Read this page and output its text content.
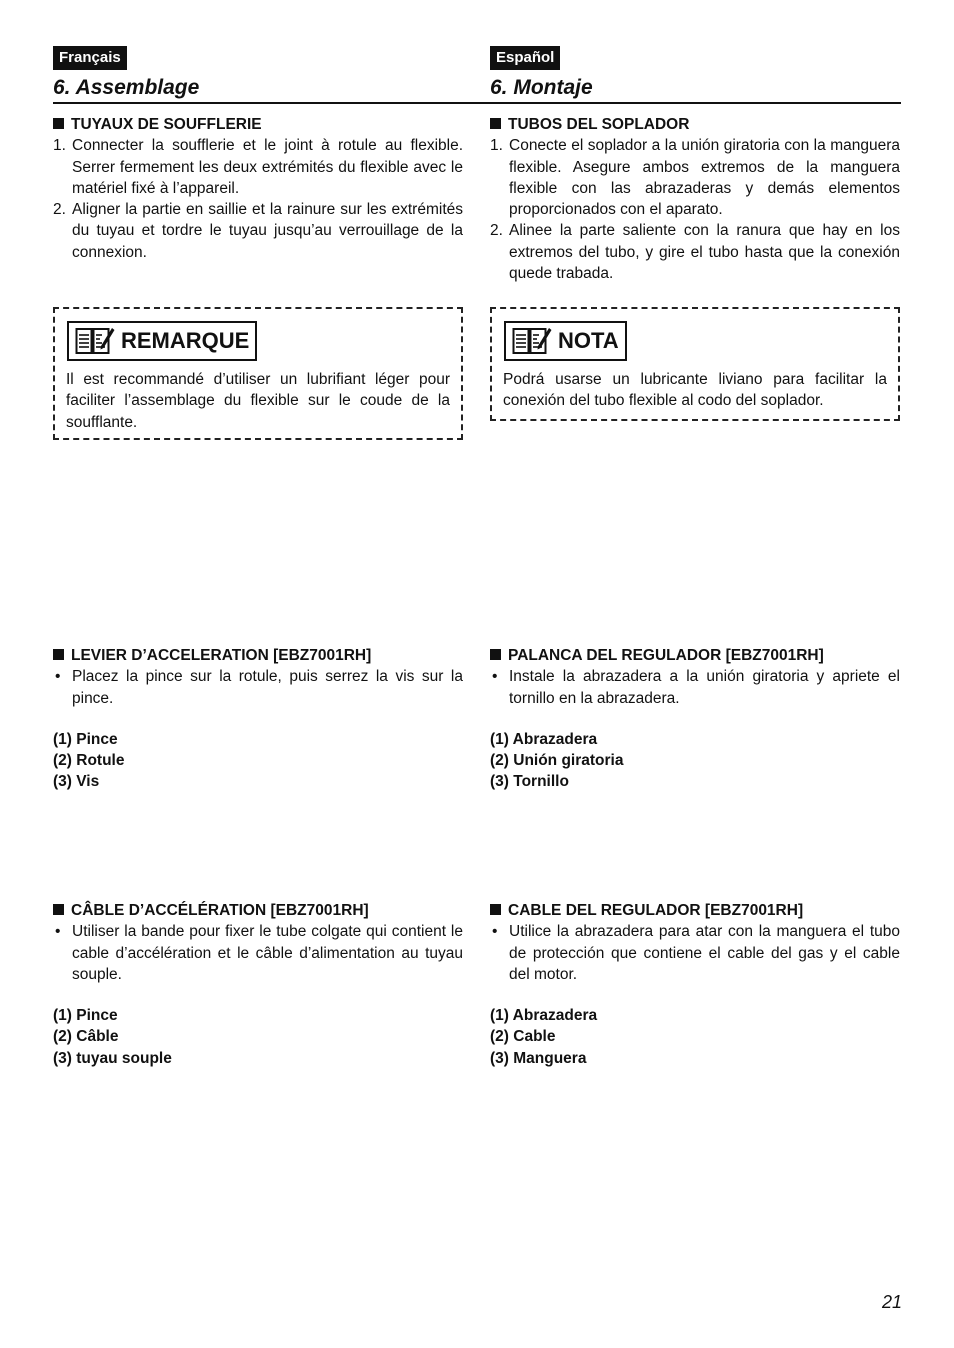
Français
6. Assemblage
TUYAUX DE SOUFFLERIE
1. Connecter la soufflerie et le joint à rotule au flexible. Serrer fermement les deux extrémités du flexible avec le matériel fixé à l’appareil.
2. Aligner la partie en saillie et la rainure sur les extrémités du tuyau et tordre le tuyau jusqu’au verrouillage de la connexion.
REMARQUE
Il est recommandé d’utiliser un lubrifiant léger pour faciliter l’assemblage du flexible sur le coude de la soufflante.
LEVIER D’ACCELERATION [EBZ7001RH]
• Placez la pince sur la rotule, puis serrez la vis sur la pince.
(1) Pince
(2) Rotule
(3) Vis
CÂBLE D’ACCÉLÉRATION [EBZ7001RH]
• Utiliser la bande pour fixer le tube colgate qui contient le cable d’accélération et le câble d’alimentation au tuyau souple.
(1) Pince
(2) Câble
(3) tuyau souple
Español
6. Montaje
TUBOS DEL SOPLADOR
1. Conecte el soplador a la unión giratoria con la manguera flexible. Asegure ambos extremos de la manguera flexible con las abrazaderas y demás elementos proporcionados con el aparato.
2. Alinee la parte saliente con la ranura que hay en los extremos del tubo, y gire el tubo hasta que la conexión quede trabada.
NOTA
Podrá usarse un lubricante liviano para facilitar la conexión del tubo flexible al codo del soplador.
PALANCA DEL REGULADOR [EBZ7001RH]
• Instale la abrazadera a la unión giratoria y apriete el tornillo en la abrazadera.
(1) Abrazadera
(2) Unión giratoria
(3) Tornillo
CABLE DEL REGULADOR [EBZ7001RH]
• Utilice la abrazadera para atar con la manguera el tubo de protección que contiene el cable del gas y el cable del motor.
(1) Abrazadera
(2) Cable
(3) Manguera
21
